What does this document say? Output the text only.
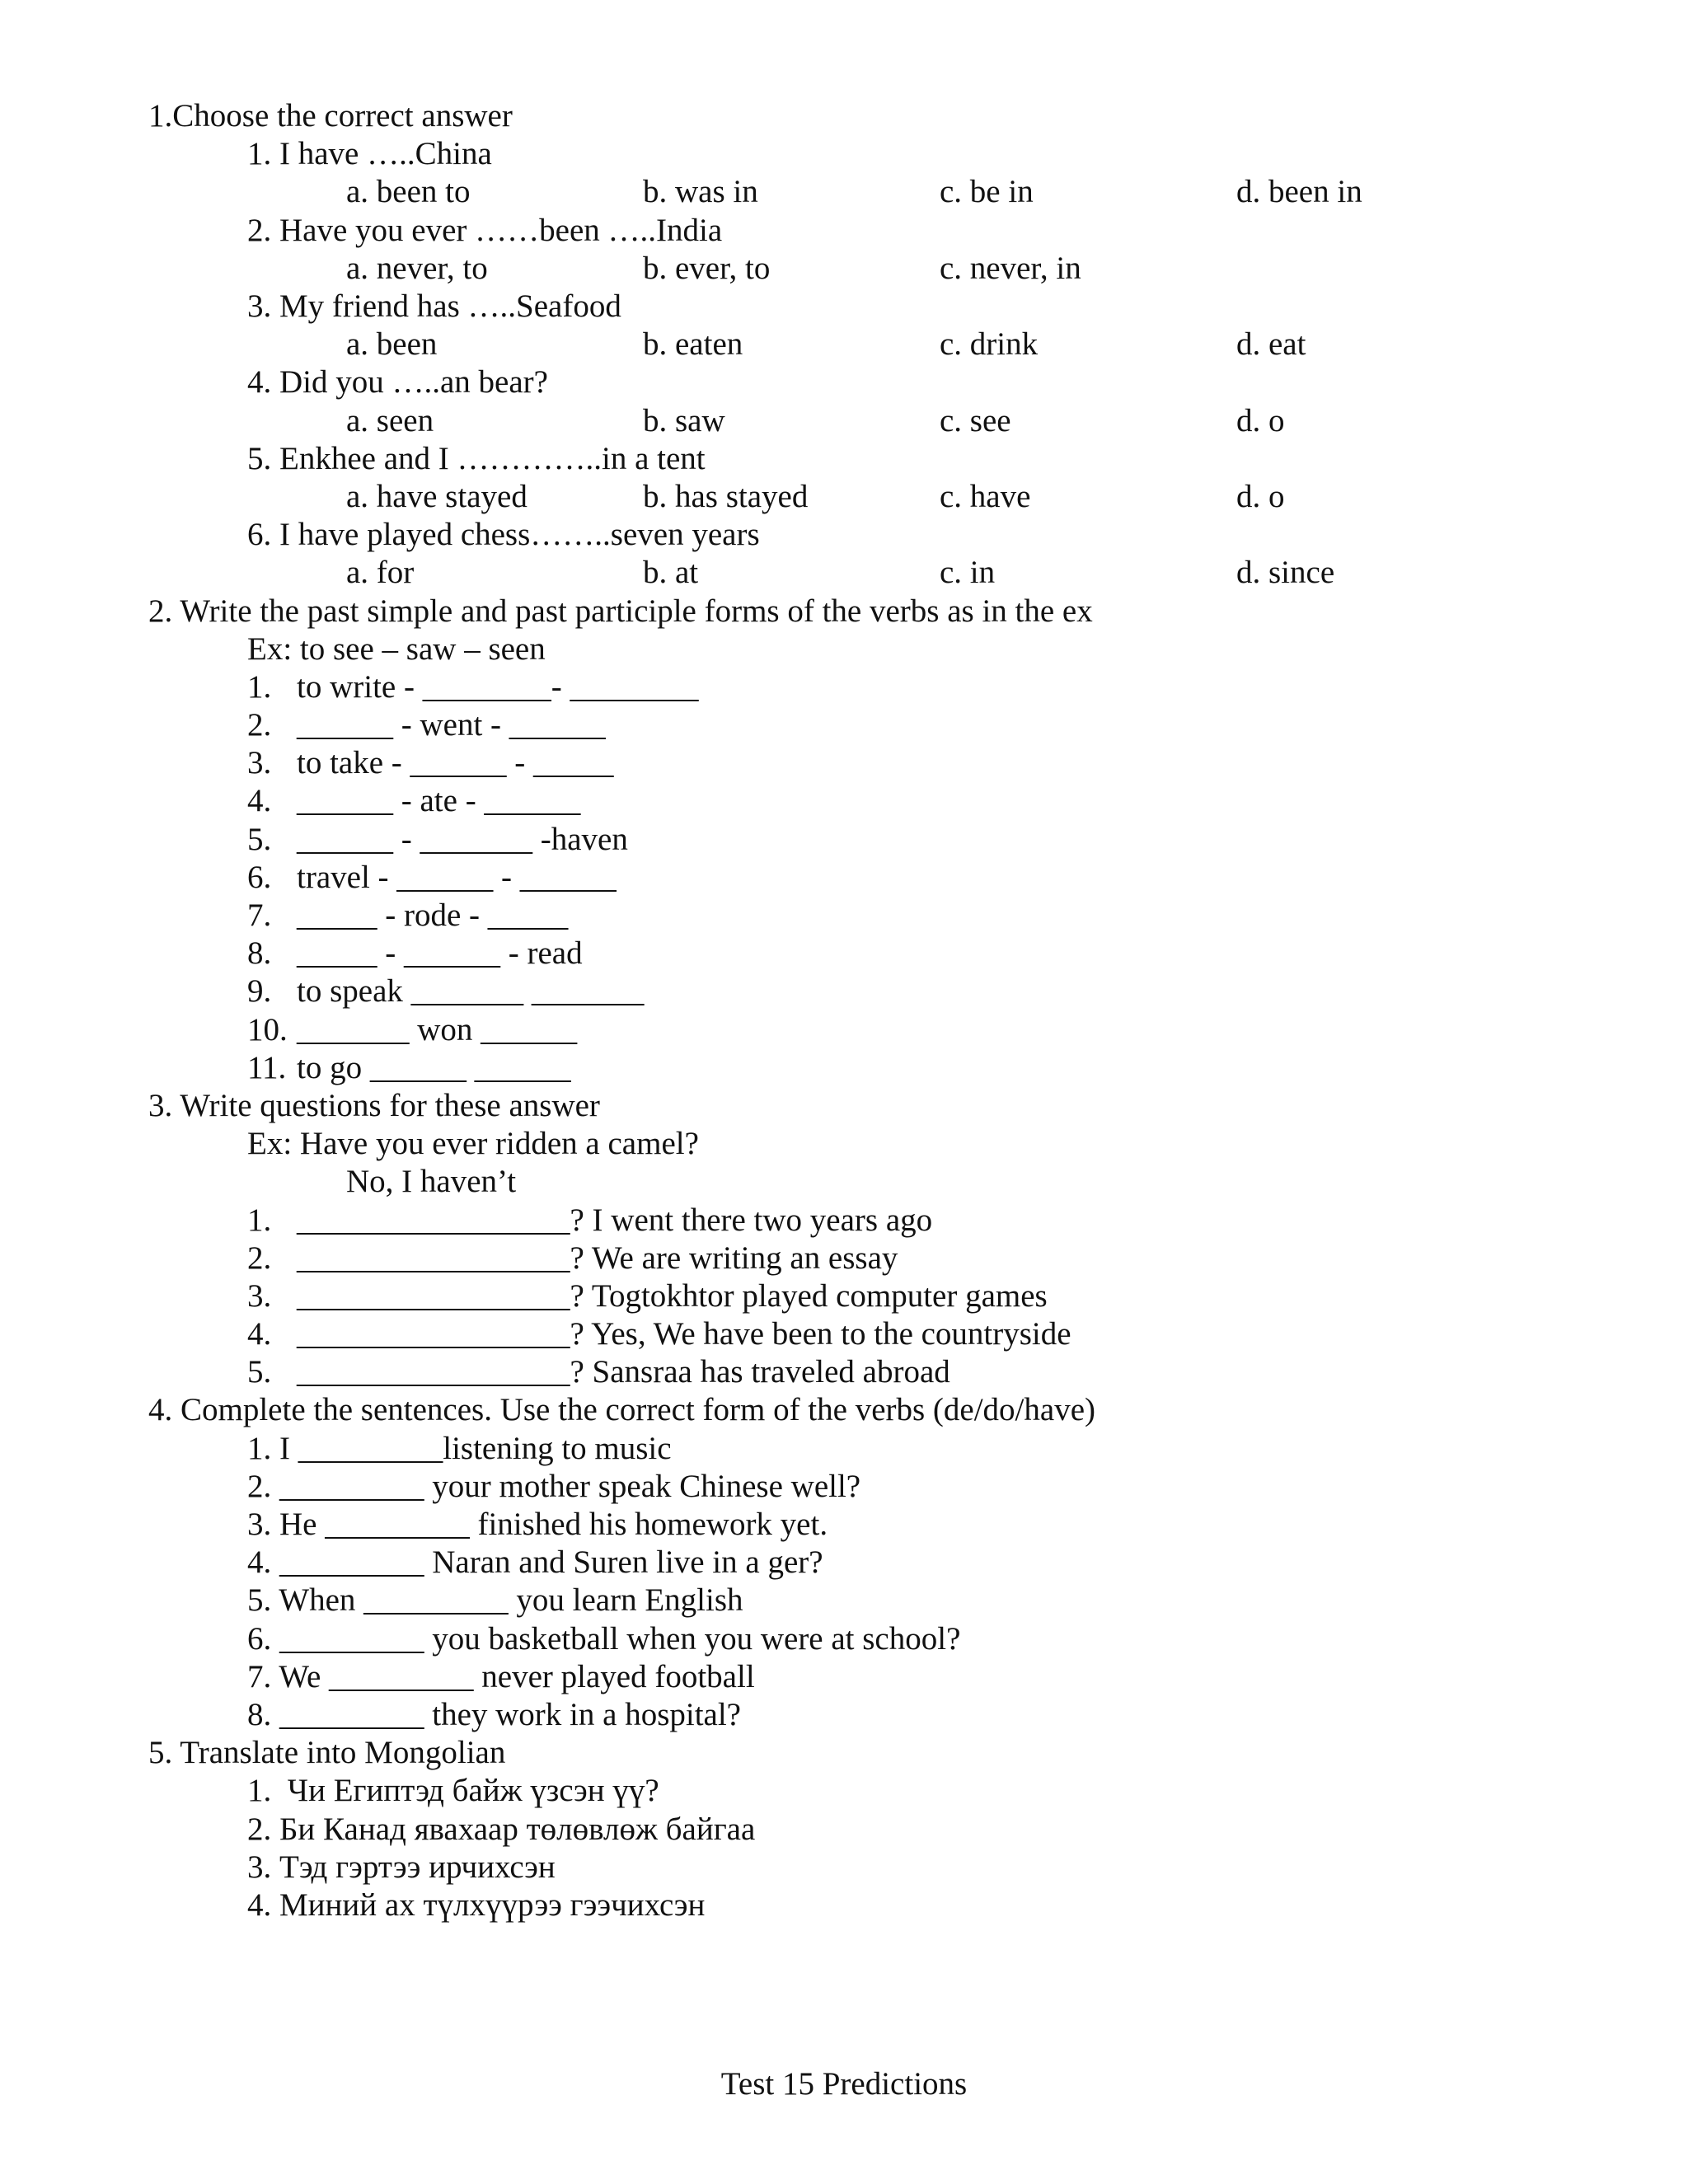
1.Choose the correct answer
1. I have …..China
a. been to	b. was in	c. be in	d. been in
2. Have you ever ……been …..India
a. never, to	b. ever, to	c. never, in
3. My friend has …..Seafood
a. been	b. eaten	c. drink	d. eat
4. Did you …..an bear?
a. seen	b. saw	c. see	d. o
5. Enkhee and I …………..in a tent
a. have stayed	b. has stayed	c. have	d. o
6. I have played chess……..seven years
a. for	b. at	c. in	d. since
2. Write the past simple and past participle forms of the verbs as in the ex
Ex: to see – saw – seen
1. to write - ________- ________
2. ______ - went - ______
3. to take - ______ - _____
4. ______ - ate - ______
5. ______ - _______ -haven
6. travel - ______ - ______
7. _____ - rode - _____
8. _____ - ______ - read
9. to speak _______ _______
10. _______ won ______
11. to go ______ ______
3. Write questions for these answer
Ex: Have you ever ridden a camel?
No, I haven’t
1. _________________? I went there two years ago
2. _________________? We are writing an essay
3. _________________? Togtokhtor played computer games
4. _________________? Yes, We have been to the countryside
5. _________________? Sansraa has traveled abroad
4. Complete the sentences. Use the correct form of the verbs (de/do/have)
1. I _________listening to music
2. _________ your mother speak Chinese well?
3. He _________ finished his homework yet.
4. _________ Naran and Suren live in a ger?
5. When _________ you learn English
6. _________ you basketball when you were at school?
7. We _________ never played football
8. _________ they work in a hospital?
5. Translate into Mongolian
1.  Чи Египтэд байж үзсэн үү?
2. Би Канад явахаар төлөвлөж байгаа
3. Тэд гэртээ ирчихсэн
4. Миний ах түлхүүрээ гээчихсэн
Test 15 Predictions
